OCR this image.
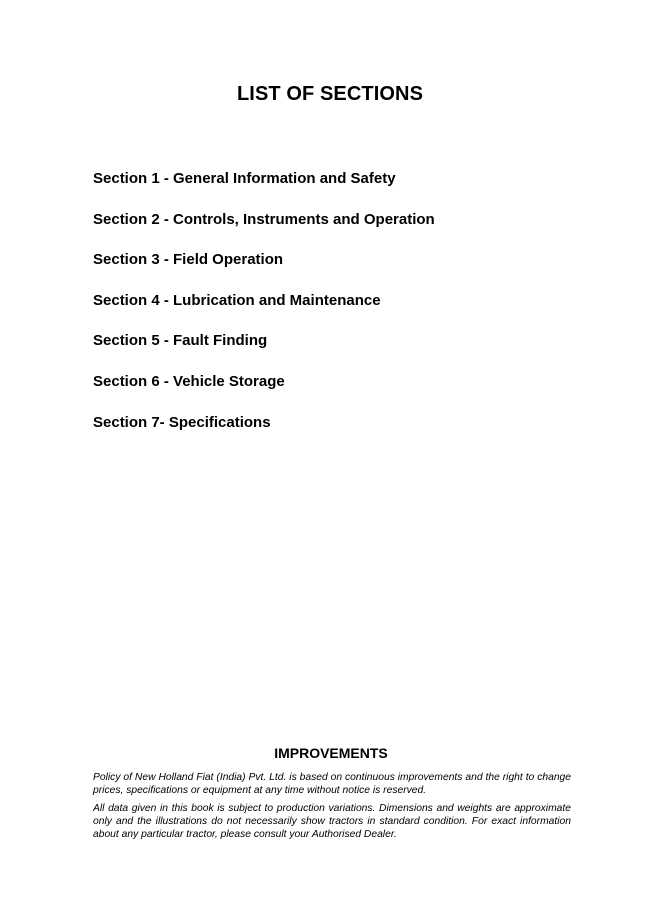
LIST OF SECTIONS
Section 1 - General Information and Safety
Section 2 - Controls, Instruments and Operation
Section 3 - Field Operation
Section 4 - Lubrication and Maintenance
Section 5 - Fault Finding
Section 6 - Vehicle Storage
Section 7- Specifications
IMPROVEMENTS

Policy of New Holland Fiat (India) Pvt. Ltd. is based on continuous improvements and the right to change prices, specifications or equipment at any time without notice is reserved.

All data given in this book is subject to production variations. Dimensions and weights are approximate only and the illustrations do not necessarily show tractors in standard condition. For exact information about any particular tractor, please consult your Authorised Dealer.
